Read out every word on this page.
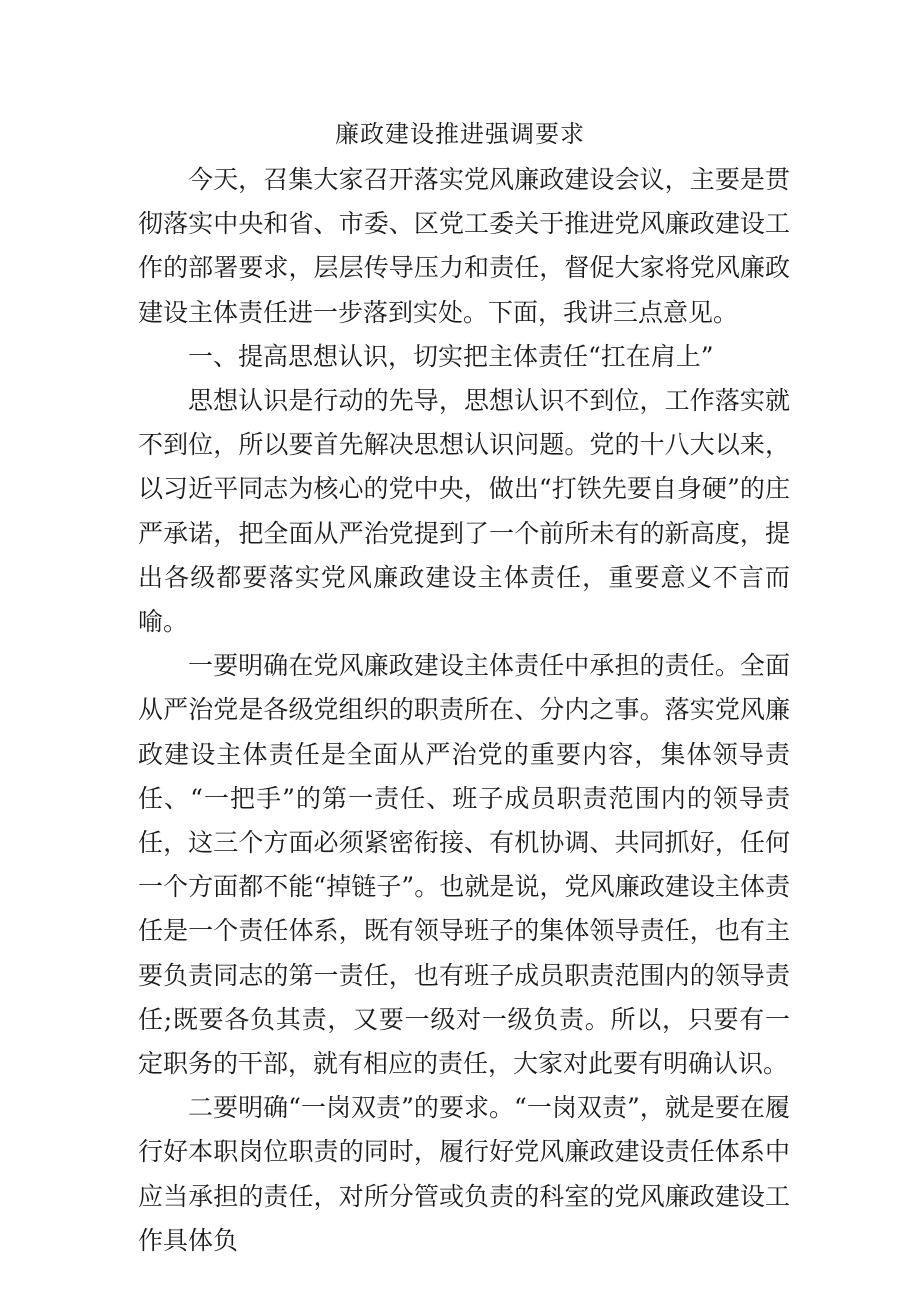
廉政建设推进强调要求

今天，召集大家召开落实党风廉政建设会议，主要是贯彻落实中央和省、市委、区党工委关于推进党风廉政建设工作的部署要求，层层传导压力和责任，督促大家将党风廉政建设主体责任进一步落到实处。下面，我讲三点意见。

一、提高思想认识，切实把主体责任“扛在肩上”

思想认识是行动的先导，思想认识不到位，工作落实就不到位，所以要首先解决思想认识问题。党的十八大以来，以习近平同志为核心的党中央，做出“打铁先要自身硬”的庄严承诺，把全面从严治党提到了一个前所未有的新高度，提出各级都要落实党风廉政建设主体责任，重要意义不言而喻。

一要明确在党风廉政建设主体责任中承担的责任。全面从严治党是各级党组织的职责所在、分内之事。落实党风廉政建设主体责任是全面从严治党的重要内容，集体领导责任、“一把手”的第一责任、班子成员职责范围内的领导责任，这三个方面必须紧密衔接、有机协调、共同抓好，任何一个方面都不能“掉链子”。也就是说，党风廉政建设主体责任是一个责任体系，既有领导班子的集体领导责任，也有主要负责同志的第一责任，也有班子成员职责范围内的领导责任;既要各负其责，又要一级对一级负责。所以，只要有一定职务的干部，就有相应的责任，大家对此要有明确认识。

二要明确“一岗双责”的要求。“一岗双责”，就是要在履行好本职岗位职责的同时，履行好党风廉政建设责任体系中应当承担的责任，对所分管或负责的科室的党风廉政建设工作具体负
